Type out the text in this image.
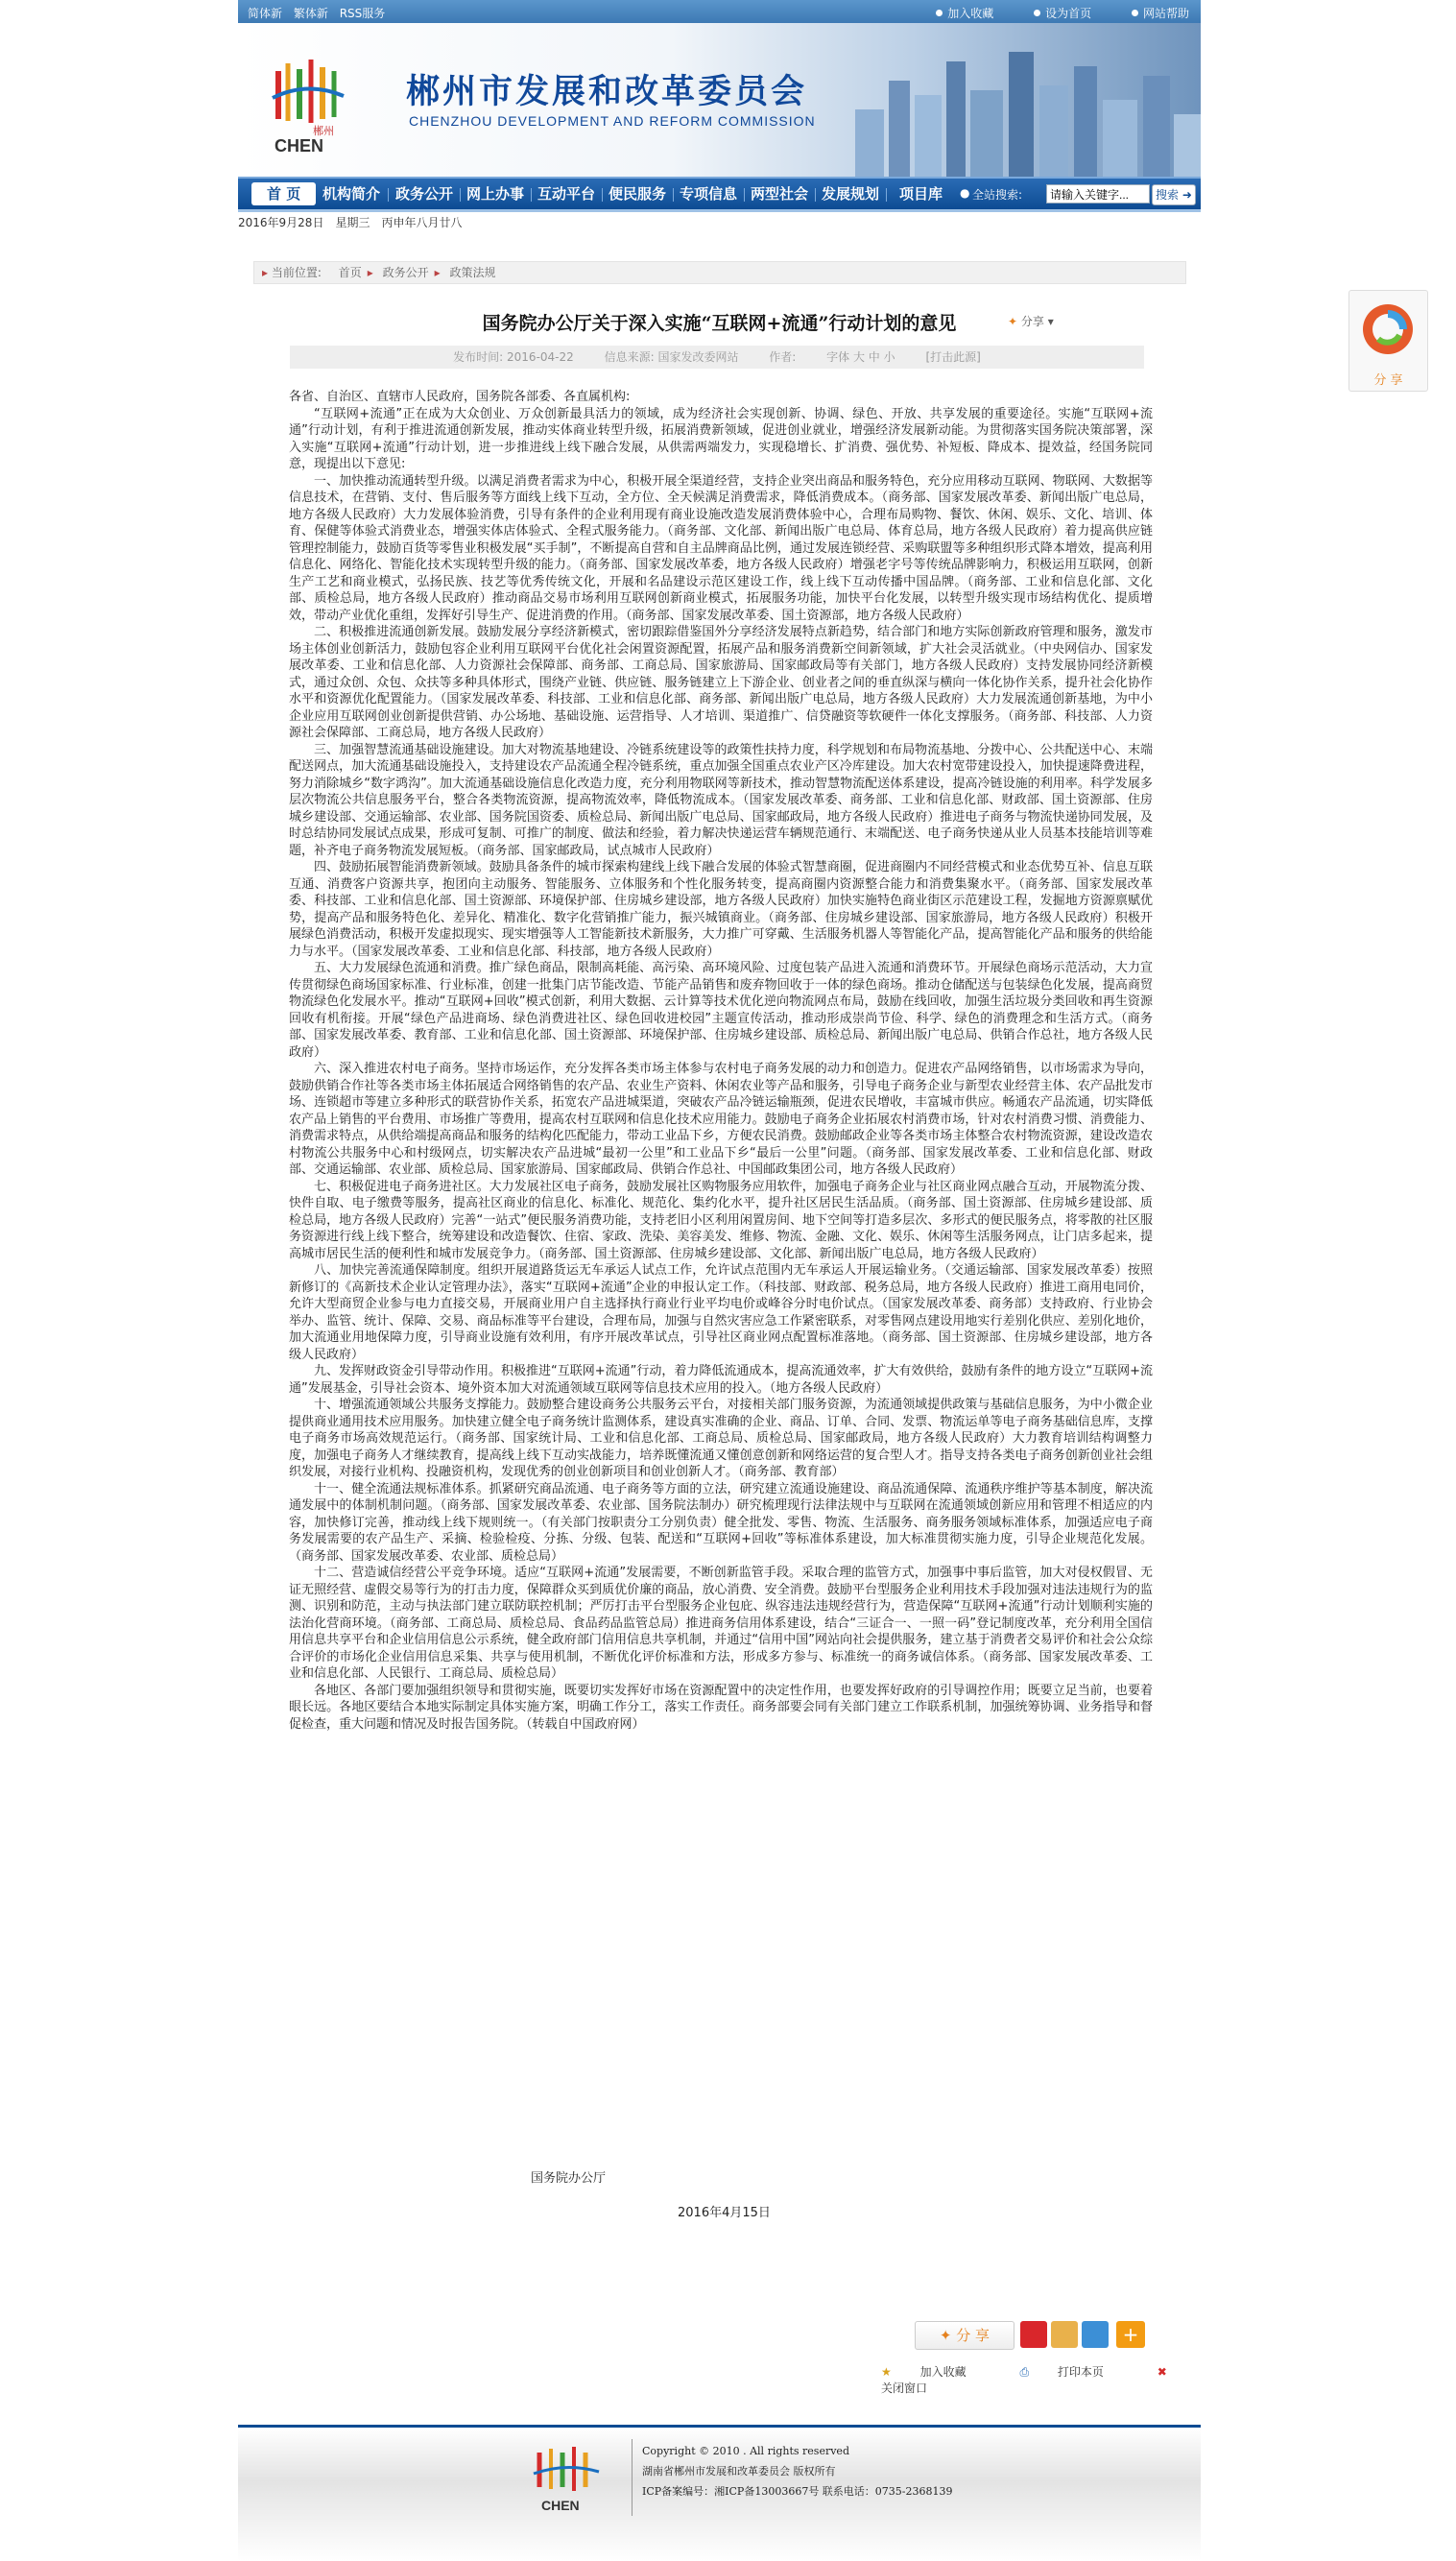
简体新 繁体新 RSS服务	加入收藏	设为首页	网站帮助
郴州
CHEN
郴州市发展和改革委员会
CHENZHOU DEVELOPMENT AND REFORM COMMISSION
首 页	机构简介 政务公开 网上办事 互动平台 便民服务 专项信息 两型社会 发展规划 项目库 ● 全站搜索:
请输入关键字...	搜索 ➜
2016年9月28日　星期三　丙申年八月廿八
▸ 当前位置: 首页 ▸ 政务公开 ▸ 政策法规
国务院办公厅关于深入实施“互联网+流通”行动计划的意见	✦ 分享 ▾
发布时间: 2016-04-22	信息来源: 国家发改委网站	作者:	字体 大 中 小	[打击此源]

各省、自治区、直辖市人民政府，国务院各部委、各直属机构:

“互联网+流通”正在成为大众创业、万众创新最具活力的领域，成为经济社会实现创新、协调、绿色、开放、共享发展的重要途径。实施“互联网+流通”行动计划，有利于推进流通创新发展，推动实体商业转型升级，拓展消费新领域，促进创业就业，增强经济发展新动能。为贯彻落实国务院决策部署，深入实施“互联网+流通”行动计划，进一步推进线上线下融合发展，从供需两端发力，实现稳增长、扩消费、强优势、补短板、降成本、提效益，经国务院同意，现提出以下意见:

一、加快推动流通转型升级。以满足消费者需求为中心，积极开展全渠道经营，支持企业突出商品和服务特色，充分应用移动互联网、物联网、大数据等信息技术，在营销、支付、售后服务等方面线上线下互动，全方位、全天候满足消费需求，降低消费成本。（商务部、国家发展改革委、新闻出版广电总局，地方各级人民政府）大力发展体验消费，引导有条件的企业利用现有商业设施改造发展消费体验中心，合理布局购物、餐饮、休闲、娱乐、文化、培训、体育、保健等体验式消费业态，增强实体店体验式、全程式服务能力。（商务部、文化部、新闻出版广电总局、体育总局，地方各级人民政府）着力提高供应链管理控制能力，鼓励百货等零售业积极发展“买手制”，不断提高自营和自主品牌商品比例，通过发展连锁经营、采购联盟等多种组织形式降本增效，提高利用信息化、网络化、智能化技术实现转型升级的能力。（商务部、国家发展改革委，地方各级人民政府）增强老字号等传统品牌影响力，积极运用互联网，创新生产工艺和商业模式，弘扬民族、技艺等优秀传统文化，开展和名品建设示范区建设工作，线上线下互动传播中国品牌。（商务部、工业和信息化部、文化部、质检总局，地方各级人民政府）推动商品交易市场利用互联网创新商业模式，拓展服务功能，加快平台化发展，以转型升级实现市场结构优化、提质增效，带动产业优化重组，发挥好引导生产、促进消费的作用。（商务部、国家发展改革委、国土资源部，地方各级人民政府）

二、积极推进流通创新发展。鼓励发展分享经济新模式，密切跟踪借鉴国外分享经济发展特点新趋势，结合部门和地方实际创新政府管理和服务，激发市场主体创业创新活力，鼓励包容企业利用互联网平台优化社会闲置资源配置，拓展产品和服务消费新空间新领域，扩大社会灵活就业。（中央网信办、国家发展改革委、工业和信息化部、人力资源社会保障部、商务部、工商总局、国家旅游局、国家邮政局等有关部门，地方各级人民政府）支持发展协同经济新模式，通过众创、众包、众扶等多种具体形式，围绕产业链、供应链、服务链建立上下游企业、创业者之间的垂直纵深与横向一体化协作关系，提升社会化协作水平和资源优化配置能力。（国家发展改革委、科技部、工业和信息化部、商务部、新闻出版广电总局，地方各级人民政府）大力发展流通创新基地，为中小企业应用互联网创业创新提供营销、办公场地、基础设施、运营指导、人才培训、渠道推广、信贷融资等软硬件一体化支撑服务。（商务部、科技部、人力资源社会保障部、工商总局，地方各级人民政府）

三、加强智慧流通基础设施建设。加大对物流基地建设、冷链系统建设等的政策性扶持力度，科学规划和布局物流基地、分拨中心、公共配送中心、末端配送网点，加大流通基础设施投入，支持建设农产品流通全程冷链系统，重点加强全国重点农业产区冷库建设。加大农村宽带建设投入，加快提速降费进程，努力消除城乡“数字鸿沟”。加大流通基础设施信息化改造力度，充分利用物联网等新技术，推动智慧物流配送体系建设，提高冷链设施的利用率。科学发展多层次物流公共信息服务平台，整合各类物流资源，提高物流效率，降低物流成本。（国家发展改革委、商务部、工业和信息化部、财政部、国土资源部、住房城乡建设部、交通运输部、农业部、国务院国资委、质检总局、新闻出版广电总局、国家邮政局，地方各级人民政府）推进电子商务与物流快递协同发展，及时总结协同发展试点成果，形成可复制、可推广的制度、做法和经验，着力解决快递运营车辆规范通行、末端配送、电子商务快递从业人员基本技能培训等难题，补齐电子商务物流发展短板。（商务部、国家邮政局，试点城市人民政府）

四、鼓励拓展智能消费新领域。鼓励具备条件的城市探索构建线上线下融合发展的体验式智慧商圈，促进商圈内不同经营模式和业态优势互补、信息互联互通、消费客户资源共享，抱团向主动服务、智能服务、立体服务和个性化服务转变，提高商圈内资源整合能力和消费集聚水平。（商务部、国家发展改革委、科技部、工业和信息化部、国土资源部、环境保护部、住房城乡建设部，地方各级人民政府）加快实施特色商业街区示范建设工程，发掘地方资源禀赋优势，提高产品和服务特色化、差异化、精准化、数字化营销推广能力，振兴城镇商业。（商务部、住房城乡建设部、国家旅游局，地方各级人民政府）积极开展绿色消费活动，积极开发虚拟现实、现实增强等人工智能新技术新服务，大力推广可穿戴、生活服务机器人等智能化产品，提高智能化产品和服务的供给能力与水平。（国家发展改革委、工业和信息化部、科技部，地方各级人民政府）

五、大力发展绿色流通和消费。推广绿色商品，限制高耗能、高污染、高环境风险、过度包装产品进入流通和消费环节。开展绿色商场示范活动，大力宣传贯彻绿色商场国家标准、行业标准，创建一批集门店节能改造、节能产品销售和废弃物回收于一体的绿色商场。推动仓储配送与包装绿色化发展，提高商贸物流绿色化发展水平。推动“互联网+回收”模式创新，利用大数据、云计算等技术优化逆向物流网点布局，鼓励在线回收，加强生活垃圾分类回收和再生资源回收有机衔接。开展“绿色产品进商场、绿色消费进社区、绿色回收进校园”主题宣传活动，推动形成崇尚节俭、科学、绿色的消费理念和生活方式。（商务部、国家发展改革委、教育部、工业和信息化部、国土资源部、环境保护部、住房城乡建设部、质检总局、新闻出版广电总局、供销合作总社，地方各级人民政府）

六、深入推进农村电子商务。坚持市场运作，充分发挥各类市场主体参与农村电子商务发展的动力和创造力。促进农产品网络销售，以市场需求为导向，鼓励供销合作社等各类市场主体拓展适合网络销售的农产品、农业生产资料、休闲农业等产品和服务，引导电子商务企业与新型农业经营主体、农产品批发市场、连锁超市等建立多种形式的联营协作关系，拓宽农产品进城渠道，突破农产品冷链运输瓶颈，促进农民增收，丰富城市供应。畅通农产品流通，切实降低农产品上销售的平台费用、市场推广等费用，提高农村互联网和信息化技术应用能力。鼓励电子商务企业拓展农村消费市场，针对农村消费习惯、消费能力、消费需求特点，从供给端提高商品和服务的结构化匹配能力，带动工业品下乡，方便农民消费。鼓励邮政企业等各类市场主体整合农村物流资源，建设改造农村物流公共服务中心和村级网点，切实解决农产品进城“最初一公里”和工业品下乡“最后一公里”问题。（商务部、国家发展改革委、工业和信息化部、财政部、交通运输部、农业部、质检总局、国家旅游局、国家邮政局、供销合作总社、中国邮政集团公司，地方各级人民政府）

七、积极促进电子商务进社区。大力发展社区电子商务，鼓励发展社区购物服务应用软件，加强电子商务企业与社区商业网点融合互动，开展物流分拨、快件自取、电子缴费等服务，提高社区商业的信息化、标准化、规范化、集约化水平，提升社区居民生活品质。（商务部、国土资源部、住房城乡建设部、质检总局，地方各级人民政府）完善“一站式”便民服务消费功能，支持老旧小区利用闲置房间、地下空间等打造多层次、多形式的便民服务点，将零散的社区服务资源进行线上线下整合，统筹建设和改造餐饮、住宿、家政、洗染、美容美发、维修、物流、金融、文化、娱乐、休闲等生活服务网点，让门店多起来，提高城市居民生活的便利性和城市发展竞争力。（商务部、国土资源部、住房城乡建设部、文化部、新闻出版广电总局，地方各级人民政府）

八、加快完善流通保障制度。组织开展道路货运无车承运人试点工作，允许试点范围内无车承运人开展运输业务。（交通运输部、国家发展改革委）按照新修订的《高新技术企业认定管理办法》，落实“互联网+流通”企业的申报认定工作。（科技部、财政部、税务总局，地方各级人民政府）推进工商用电同价，允许大型商贸企业参与电力直接交易，开展商业用户自主选择执行商业行业平均电价或峰谷分时电价试点。（国家发展改革委、商务部）支持政府、行业协会举办、监管、统计、保障、交易、商品标准等平台建设，合理布局，加强与自然灾害应急工作紧密联系，对零售网点建设用地实行差别化供应、差别化地价，加大流通业用地保障力度，引导商业设施有效利用，有序开展改革试点，引导社区商业网点配置标准落地。（商务部、国土资源部、住房城乡建设部，地方各级人民政府）

九、发挥财政资金引导带动作用。积极推进“互联网+流通”行动，着力降低流通成本，提高流通效率，扩大有效供给，鼓励有条件的地方设立“互联网+流通”发展基金，引导社会资本、境外资本加大对流通领域互联网等信息技术应用的投入。（地方各级人民政府）

十、增强流通领域公共服务支撑能力。鼓励整合建设商务公共服务云平台，对接相关部门服务资源，为流通领域提供政策与基础信息服务，为中小微企业提供商业通用技术应用服务。加快建立健全电子商务统计监测体系，建设真实准确的企业、商品、订单、合同、发票、物流运单等电子商务基础信息库，支撑电子商务市场高效规范运行。（商务部、国家统计局、工业和信息化部、工商总局、质检总局、国家邮政局，地方各级人民政府）大力教育培训结构调整力度，加强电子商务人才继续教育，提高线上线下互动实战能力，培养既懂流通又懂创意创新和网络运营的复合型人才。指导支持各类电子商务创新创业社会组织发展，对接行业机构、投融资机构，发现优秀的创业创新项目和创业创新人才。（商务部、教育部）

十一、健全流通法规标准体系。抓紧研究商品流通、电子商务等方面的立法，研究建立流通设施建设、商品流通保障、流通秩序维护等基本制度，解决流通发展中的体制机制问题。（商务部、国家发展改革委、农业部、国务院法制办）研究梳理现行法律法规中与互联网在流通领域创新应用和管理不相适应的内容，加快修订完善，推动线上线下规则统一。（有关部门按职责分工分别负责）健全批发、零售、物流、生活服务、商务服务领域标准体系，加强适应电子商务发展需要的农产品生产、采摘、检验检疫、分拣、分级、包装、配送和“互联网+回收”等标准体系建设，加大标准贯彻实施力度，引导企业规范化发展。（商务部、国家发展改革委、农业部、质检总局）

十二、营造诚信经营公平竞争环境。适应“互联网+流通”发展需要，不断创新监管手段。采取合理的监管方式，加强事中事后监管，加大对侵权假冒、无证无照经营、虚假交易等行为的打击力度，保障群众买到质优价廉的商品，放心消费、安全消费。鼓励平台型服务企业利用技术手段加强对违法违规行为的监测、识别和防范，主动与执法部门建立联防联控机制；严厉打击平台型服务企业包庇、纵容违法违规经营行为，营造保障“互联网+流通”行动计划顺利实施的法治化营商环境。（商务部、工商总局、质检总局、食品药品监管总局）推进商务信用体系建设，结合“三证合一、一照一码”登记制度改革，充分利用全国信用信息共享平台和企业信用信息公示系统，健全政府部门信用信息共享机制，并通过“信用中国”网站向社会提供服务，建立基于消费者交易评价和社会公众综合评价的市场化企业信用信息采集、共享与使用机制，不断优化评价标准和方法，形成多方参与、标准统一的商务诚信体系。（商务部、国家发展改革委、工业和信息化部、人民银行、工商总局、质检总局）

各地区、各部门要加强组织领导和贯彻实施，既要切实发挥好市场在资源配置中的决定性作用，也要发挥好政府的引导调控作用；既要立足当前，也要着眼长远。各地区要结合本地实际制定具体实施方案，明确工作分工，落实工作责任。商务部要会同有关部门建立工作联系机制，加强统筹协调、业务指导和督促检查，重大问题和情况及时报告国务院。（转载自中国政府网）

国务院办公厅
2016年4月15日
✦ 分 享	+
★ 加入收藏	⎙ 打印本页	✖ 关闭窗口
CHEN
Copyright © 2010 . All rights reserved
湖南省郴州市发展和改革委员会 版权所有
ICP备案编号：湘ICP备13003667号 联系电话：0735-2368139
分 享
